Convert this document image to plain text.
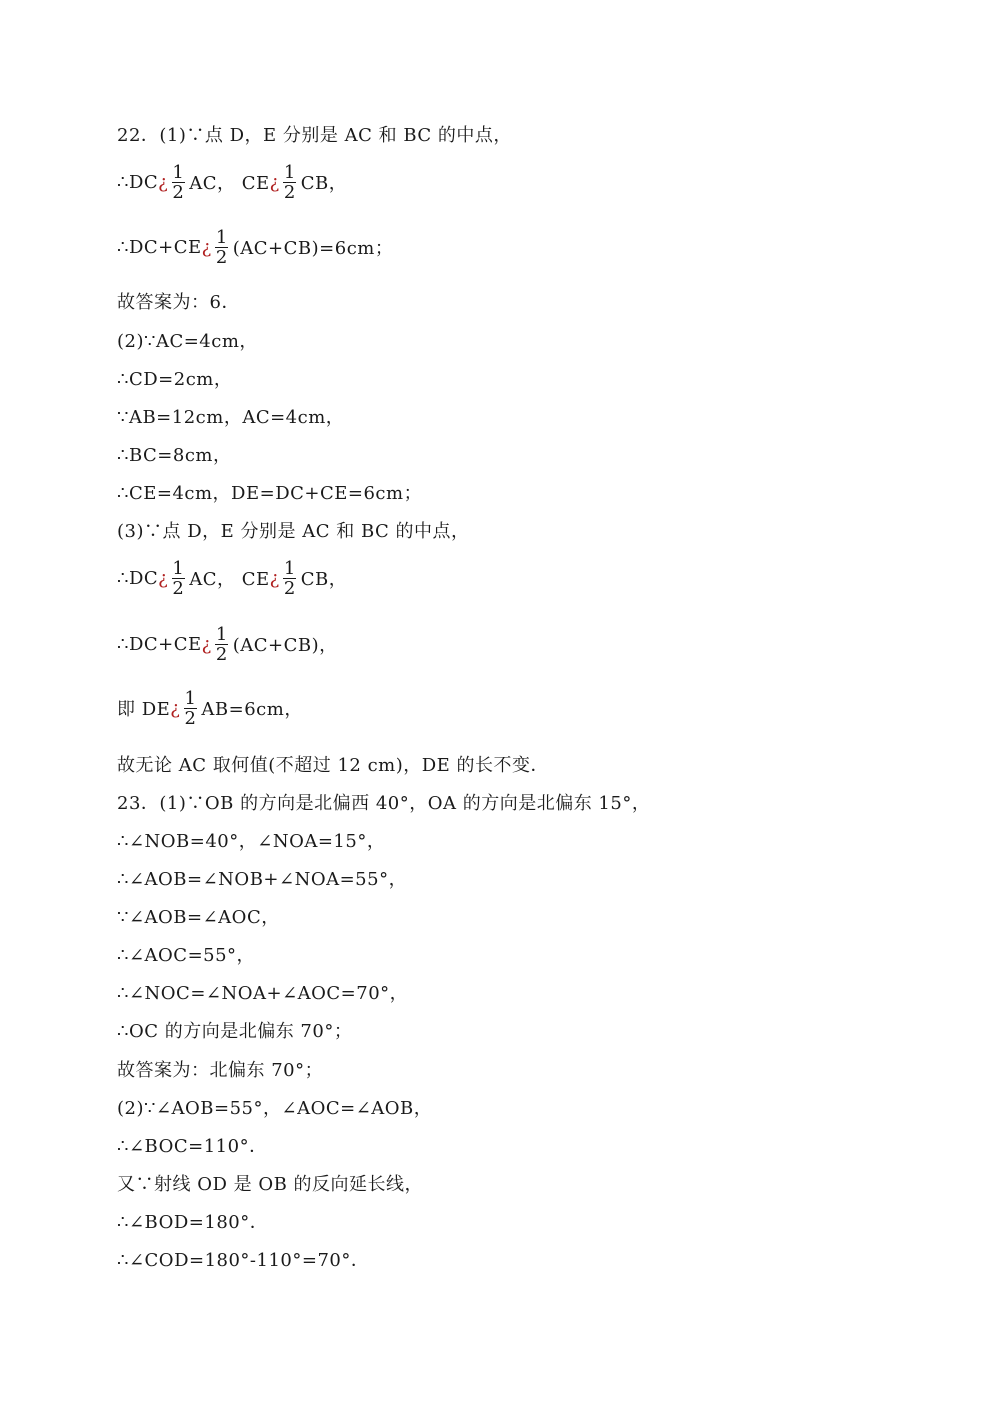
22．(1)∵点 D，E 分别是 AC 和 BC 的中点，
∴DC ¿ $\frac{1}{2}$ AC， CE ¿ $\frac{1}{2}$ CB，
∴DC+CE ¿ $\frac{1}{2} (AC+CB)=6cm$；
故答案为：6．
(2)∵AC=4cm，
∴CD=2cm，
∵AB=12cm，AC=4cm，
∴BC=8cm，
∴CE=4cm，DE=DC+CE=6cm；
(3)∵点 D，E 分别是 AC 和 BC 的中点，
∴DC ¿ $\frac{1}{2}$ AC， CE ¿ $\frac{1}{2}$ CB，
∴DC+CE ¿ $\frac{1}{2} (AC+CB)$，
即 DE ¿ $\frac{1}{2} AB=6cm$，
故无论 AC 取何值(不超过 12 cm)，DE 的长不变．
23．(1)∵OB 的方向是北偏西 40°，OA 的方向是北偏东 15°，
∴∠NOB=40°，∠NOA=15°，
∴∠AOB=∠NOB+∠NOA=55°，
∵∠AOB=∠AOC，
∴∠AOC=55°，
∴∠NOC=∠NOA+∠AOC=70°，
∴OC 的方向是北偏东 70°；
故答案为：北偏东 70°；
(2)∵∠AOB=55°，∠AOC=∠AOB，
∴∠BOC=110°．
又∵射线 OD 是 OB 的反向延长线，
∴∠BOD=180°．
∴∠COD=180°-110°=70°．
